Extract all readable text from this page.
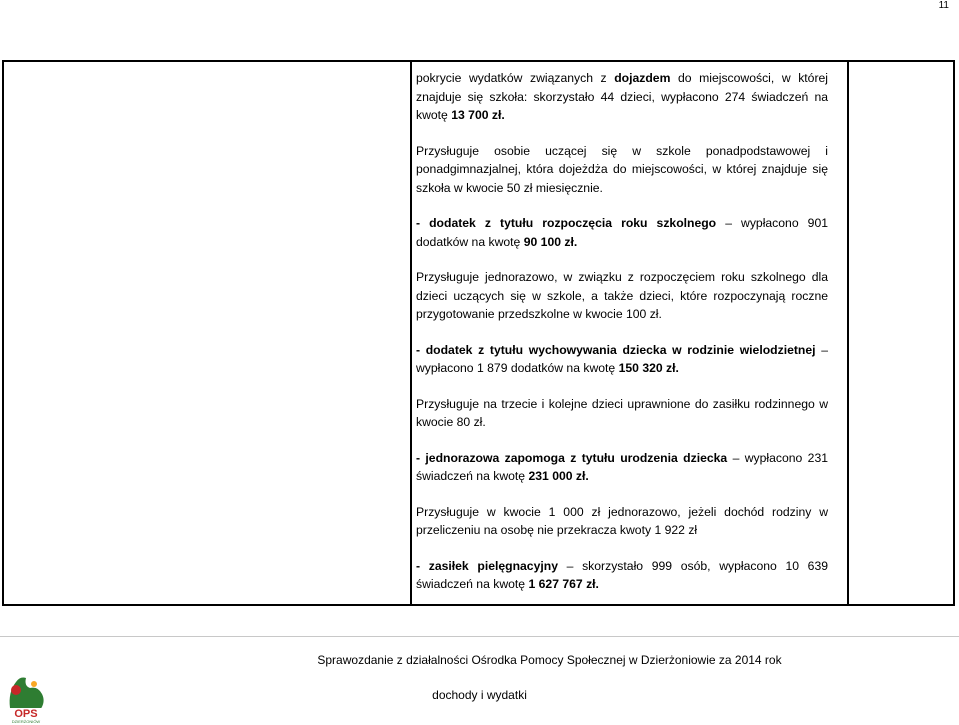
11

pokrycie wydatków związanych z dojazdem do miejscowości, w której znajduje się szkoła: skorzystało 44 dzieci, wypłacono 274 świadczeń na kwotę 13 700 zł.

Przysługuje osobie uczącej się w szkole ponadpodstawowej i ponadgimnazjalnej, która dojeżdża do miejscowości, w której znajduje się szkoła w kwocie 50 zł miesięcznie.

- dodatek z tytułu rozpoczęcia roku szkolnego – wypłacono 901 dodatków na kwotę 90 100 zł.

Przysługuje jednorazowo, w związku z rozpoczęciem roku szkolnego dla dzieci uczących się w szkole, a także dzieci, które rozpoczynają roczne przygotowanie przedszkolne w kwocie 100 zł.

- dodatek z tytułu wychowywania dziecka w rodzinie wielodzietnej – wypłacono 1 879 dodatków na kwotę 150 320 zł.

Przysługuje na trzecie i kolejne dzieci uprawnione do zasiłku rodzinnego w kwocie 80 zł.

- jednorazowa zapomoga z tytułu urodzenia dziecka – wypłacono 231 świadczeń na kwotę 231 000 zł.

Przysługuje w kwocie 1 000 zł jednorazowo, jeżeli dochód rodziny w przeliczeniu na osobę nie przekracza kwoty 1 922 zł

- zasiłek pielęgnacyjny – skorzystało 999 osób, wypłacono 10 639 świadczeń na kwotę 1 627 767 zł.

OPS
DZIERŻONIÓW
Sprawozdanie z działalności Ośrodka Pomocy Społecznej w Dzierżoniowie za 2014 rok
dochody i wydatki
